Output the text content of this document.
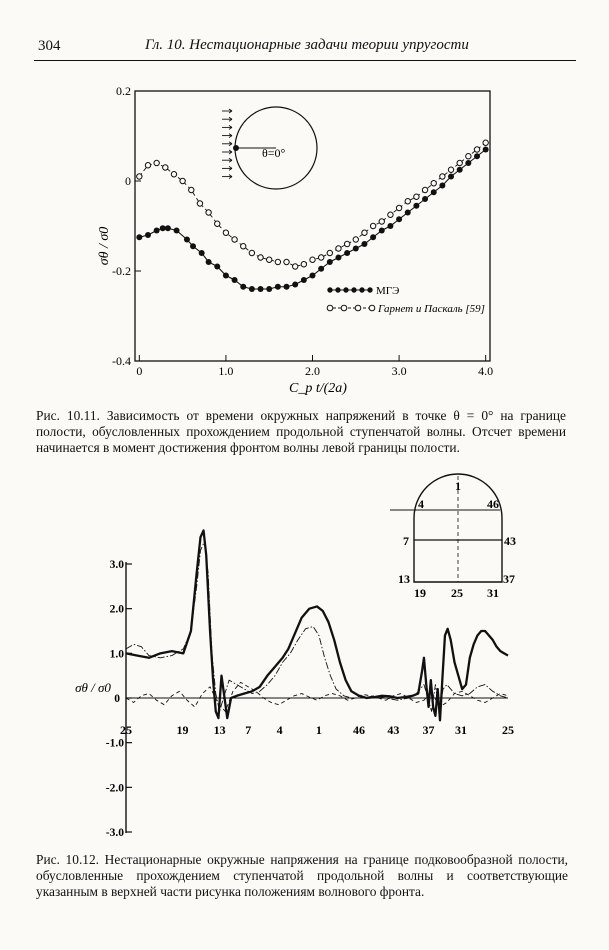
304	Гл. 10. Нестационарные задачи теории упругости
0.2
0
-0.2
-0.4
0	1.0	2.0	3.0	4.0
σθ / σ0
C_p t/(2a)
θ=0°
МГЭ
Гарнет и Паскаль [59]
Рис. 10.11. Зависимость от времени окружных напряжений в точке θ = 0° на границе полости, обусловленных прохождением продольной ступенчатой волны. Отсчет времени начинается в момент достижения фронтом волны левой границы полости.
3.0
2.0
1.0
0
-1.0
-2.0
-3.0
σθ / σ0
25	19 13 7 4	1	46 43 37 31	25
1
4	46
7	43
13	37
19 25 31
Рис. 10.12. Нестационарные окружные напряжения на границе подковообразной полости, обусловленные прохождением ступенчатой продольной волны и соответствующие указанным в верхней части рисунка положениям волнового фронта.
